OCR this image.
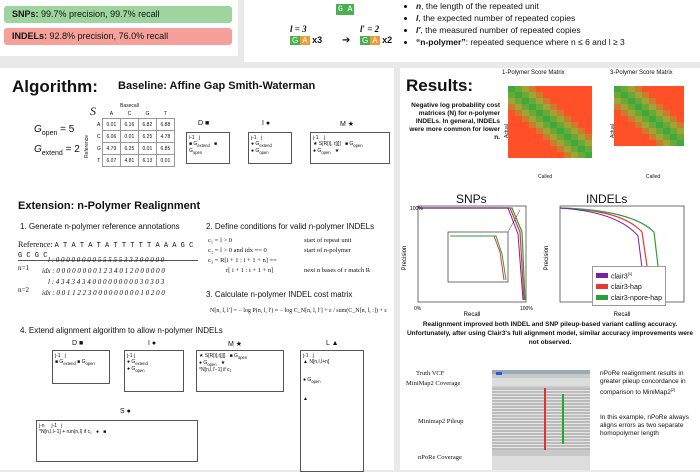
SNPs: 99.7% precision, 99.7% recall
INDELs: 92.8% precision, 76.0% recall
G A
l = 3
G A x3 ➔
l′ = 2
G A x2
• n, the length of the repeated unit
• l, the expected number of repeated copies
• l′, the measured number of repeated copies
• “n-polymer”: repeated sequence where n ≤ 6 and l ≥ 3
Algorithm: Baseline: Affine Gap Smith-Waterman
$G_{open} = 5$
$G_{extend} = 2$
S	Basecall
Reference
	A	C	G	T
A	0.01	6.16	6.82	6.88
C	6.06	0.01	6.25	4.78
G	4.79	6.25	0.01	6.85
T	6.07	4.81	6.13	0.01
D ■
i-1   j
■ $G_{extend}$   ■ $G_{open}$
I ●
j-1   j
● $G_{extend}$
● $G_{open}$
M ★
j-1    j
★ S[R[i], r[j]]   ■ $G_{open}$
● $G_{open}$   ★
Extension: n-Polymer Realignment
1. Generate n-polymer reference annotations
Reference: A T A T A T A T T T T T A A A G C G C G C
n=1
l : 0 0 0 0 0 0 0 0 5 5 5 5 5 3 3 3 0 0 0 0 0
idx : 0 0 0 0 0 0 0 0 1 2 3 4 0 1 2 0 0 0 0 0 0
n=2
l : 4 3 4 3 4 3 4 0 0 0 0 0 0 0 0 0 3 0 3 0 3
idx : 0 0 1 1 2 2 3 0 0 0 0 0 0 0 0 0 1 0 2 0 0
2. Define conditions for valid n-polymer INDELs
c₁ = l > 0	start of repeat unit
c₂ = l > 0 and idx == 0	start of n-polymer
c₃ = R[i + 1 : i + 1 + n] ==
r[ i + 1 : i + 1 + n]	next n bases of r match R
3. Calculate n-polymer INDEL cost matrix
N[n, l, l′] = − log P(n, l, l′) ≈ − log C_N[n, l, l′] + ε / sum(C_N[n, l, :]) + ε
4. Extend alignment algorithm to allow n-polymer INDELs
D ■
j-1   j
■ $G_{extend}$ ■ $G_{open}$
I ●
j-1 j
● $G_{extend}$
● $G_{open}$
M ★
★ S[R[i],r[j]]   ■ $G_{open}$
● $G_{open}$   ★
*N[n,l,l′−1] if c₂
L ▲
j-1   j
▲ N[n,l,l+n]

● $G_{open}$

▲
S ●
j-n     j-1   j
*N[n,l,l−1] + run(n,l) if c₁   ●   ■
Results:
1-Polymer Score Matrix

Called
Actual
3-Polymer Score Matrix

Called
Actual
Negative log probability cost matrices (N) for n-polymer INDELs. In general, INDELs were more common for lower n.
SNPs	INDELs
Recall
Precision
100%
0%	100%
Recall
Precision
clair3[1]
clair3-hap
clair3-npore-hap
Realignment improved both INDEL and SNP pileup-based variant calling accuracy. Unfortunately, after using Clair3's full alignment model, similar accuracy improvements were not observed.
Truth VCF
MiniMap2 Coverage
Minimap2 Pileup
nPoRe Coverage
nPoRe realignment results in greater pileup concordance in comparison to MiniMap2[2]
In this example, nPoRe always aligns errors as two separate homopolymer length
